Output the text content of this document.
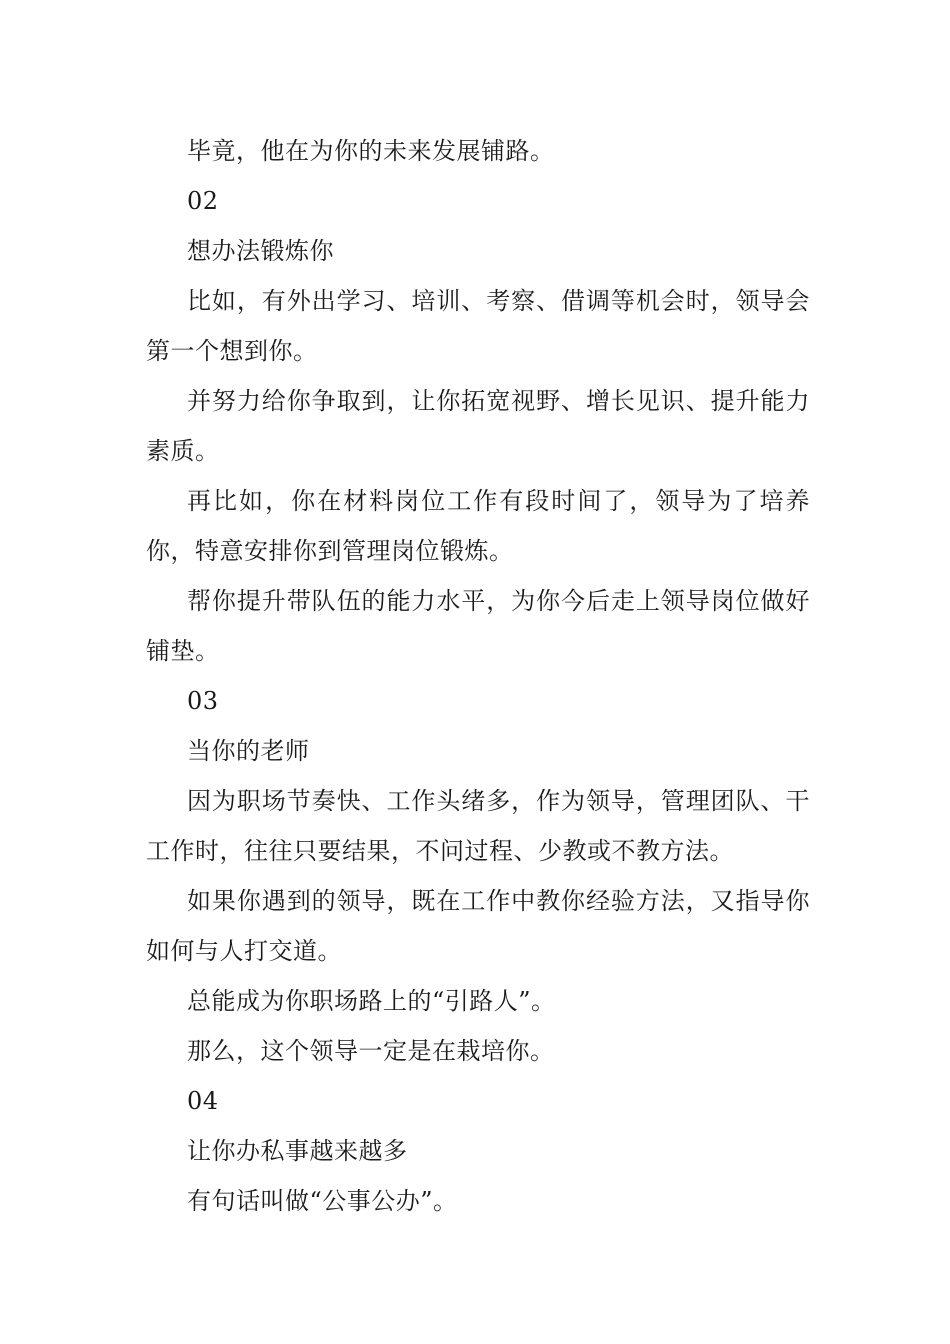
毕竟，他在为你的未来发展铺路。

02

想办法锻炼你

比如，有外出学习、培训、考察、借调等机会时，领导会第一个想到你。

并努力给你争取到，让你拓宽视野、增长见识、提升能力素质。

再比如，你在材料岗位工作有段时间了，领导为了培养你，特意安排你到管理岗位锻炼。

帮你提升带队伍的能力水平，为你今后走上领导岗位做好铺垫。

03

当你的老师

因为职场节奏快、工作头绪多，作为领导，管理团队、干工作时，往往只要结果，不问过程、少教或不教方法。

如果你遇到的领导，既在工作中教你经验方法，又指导你如何与人打交道。

总能成为你职场路上的“引路人”。

那么，这个领导一定是在栽培你。

04

让你办私事越来越多

有句话叫做“公事公办”。
